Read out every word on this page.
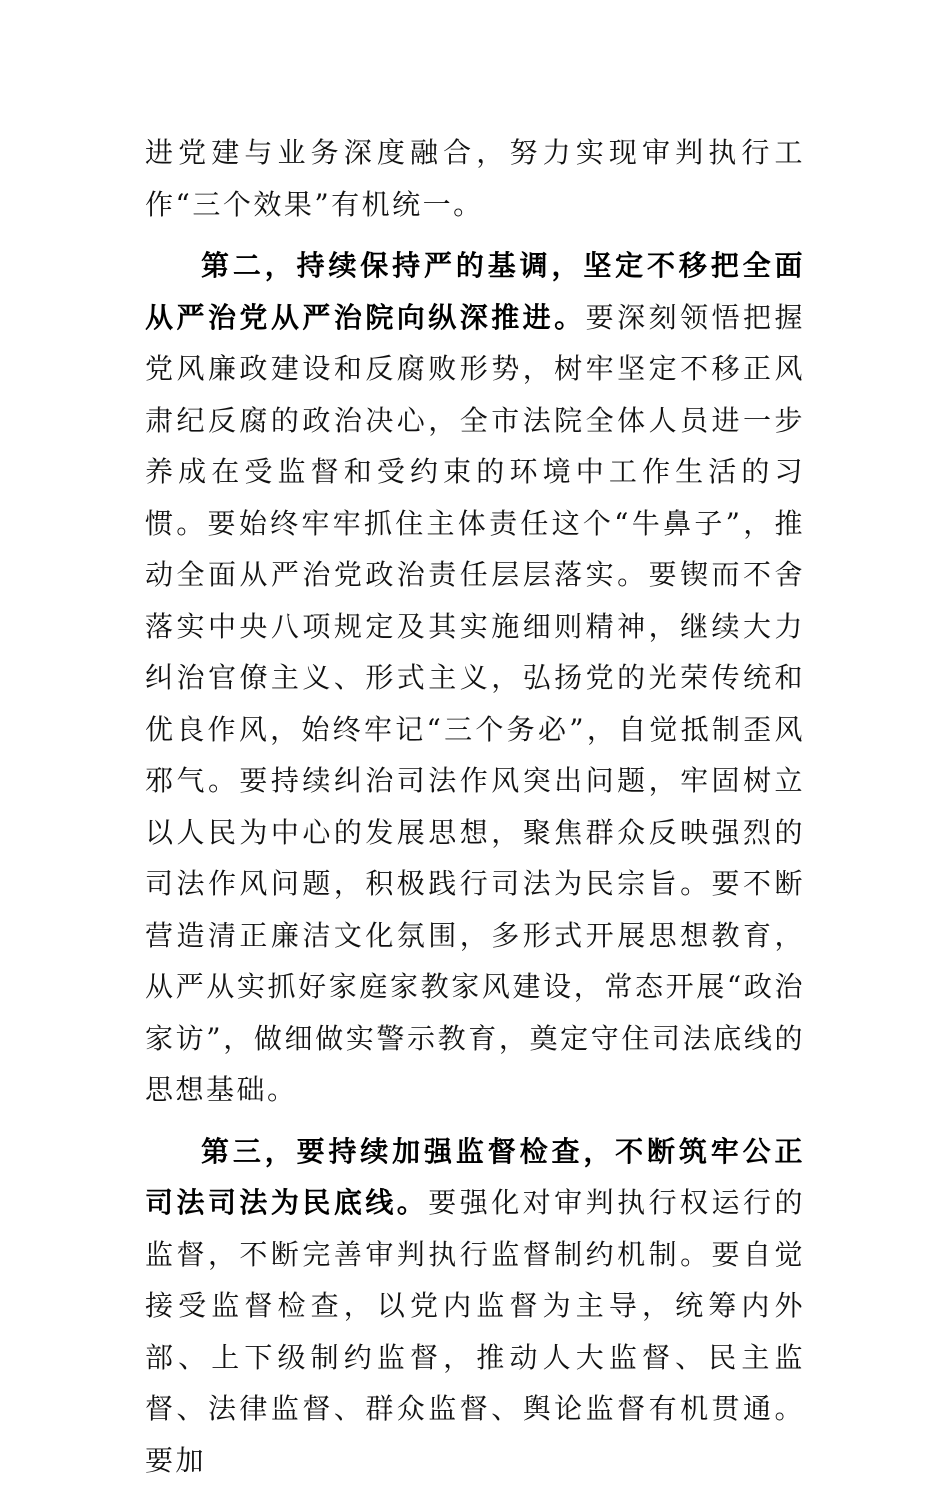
进党建与业务深度融合，努力实现审判执行工作“三个效果”有机统一。

第二，持续保持严的基调，坚定不移把全面从严治党从严治院向纵深推进。要深刻领悟把握党风廉政建设和反腐败形势，树牢坚定不移正风肃纪反腐的政治决心，全市法院全体人员进一步养成在受监督和受约束的环境中工作生活的习惯。要始终牢牢抓住主体责任这个“牛鼻子”，推动全面从严治党政治责任层层落实。要锲而不舍落实中央八项规定及其实施细则精神，继续大力纠治官僚主义、形式主义，弘扬党的光荣传统和优良作风，始终牢记“三个务必”，自觉抵制歪风邪气。要持续纠治司法作风突出问题，牢固树立以人民为中心的发展思想，聚焦群众反映强烈的司法作风问题，积极践行司法为民宗旨。要不断营造清正廉洁文化氛围，多形式开展思想教育，从严从实抓好家庭家教家风建设，常态开展“政治家访”，做细做实警示教育，奠定守住司法底线的思想基础。

第三，要持续加强监督检查，不断筑牢公正司法司法为民底线。要强化对审判执行权运行的监督，不断完善审判执行监督制约机制。要自觉接受监督检查，以党内监督为主导，统筹内外部、上下级制约监督，推动人大监督、民主监督、法律监督、群众监督、舆论监督有机贯通。要加
